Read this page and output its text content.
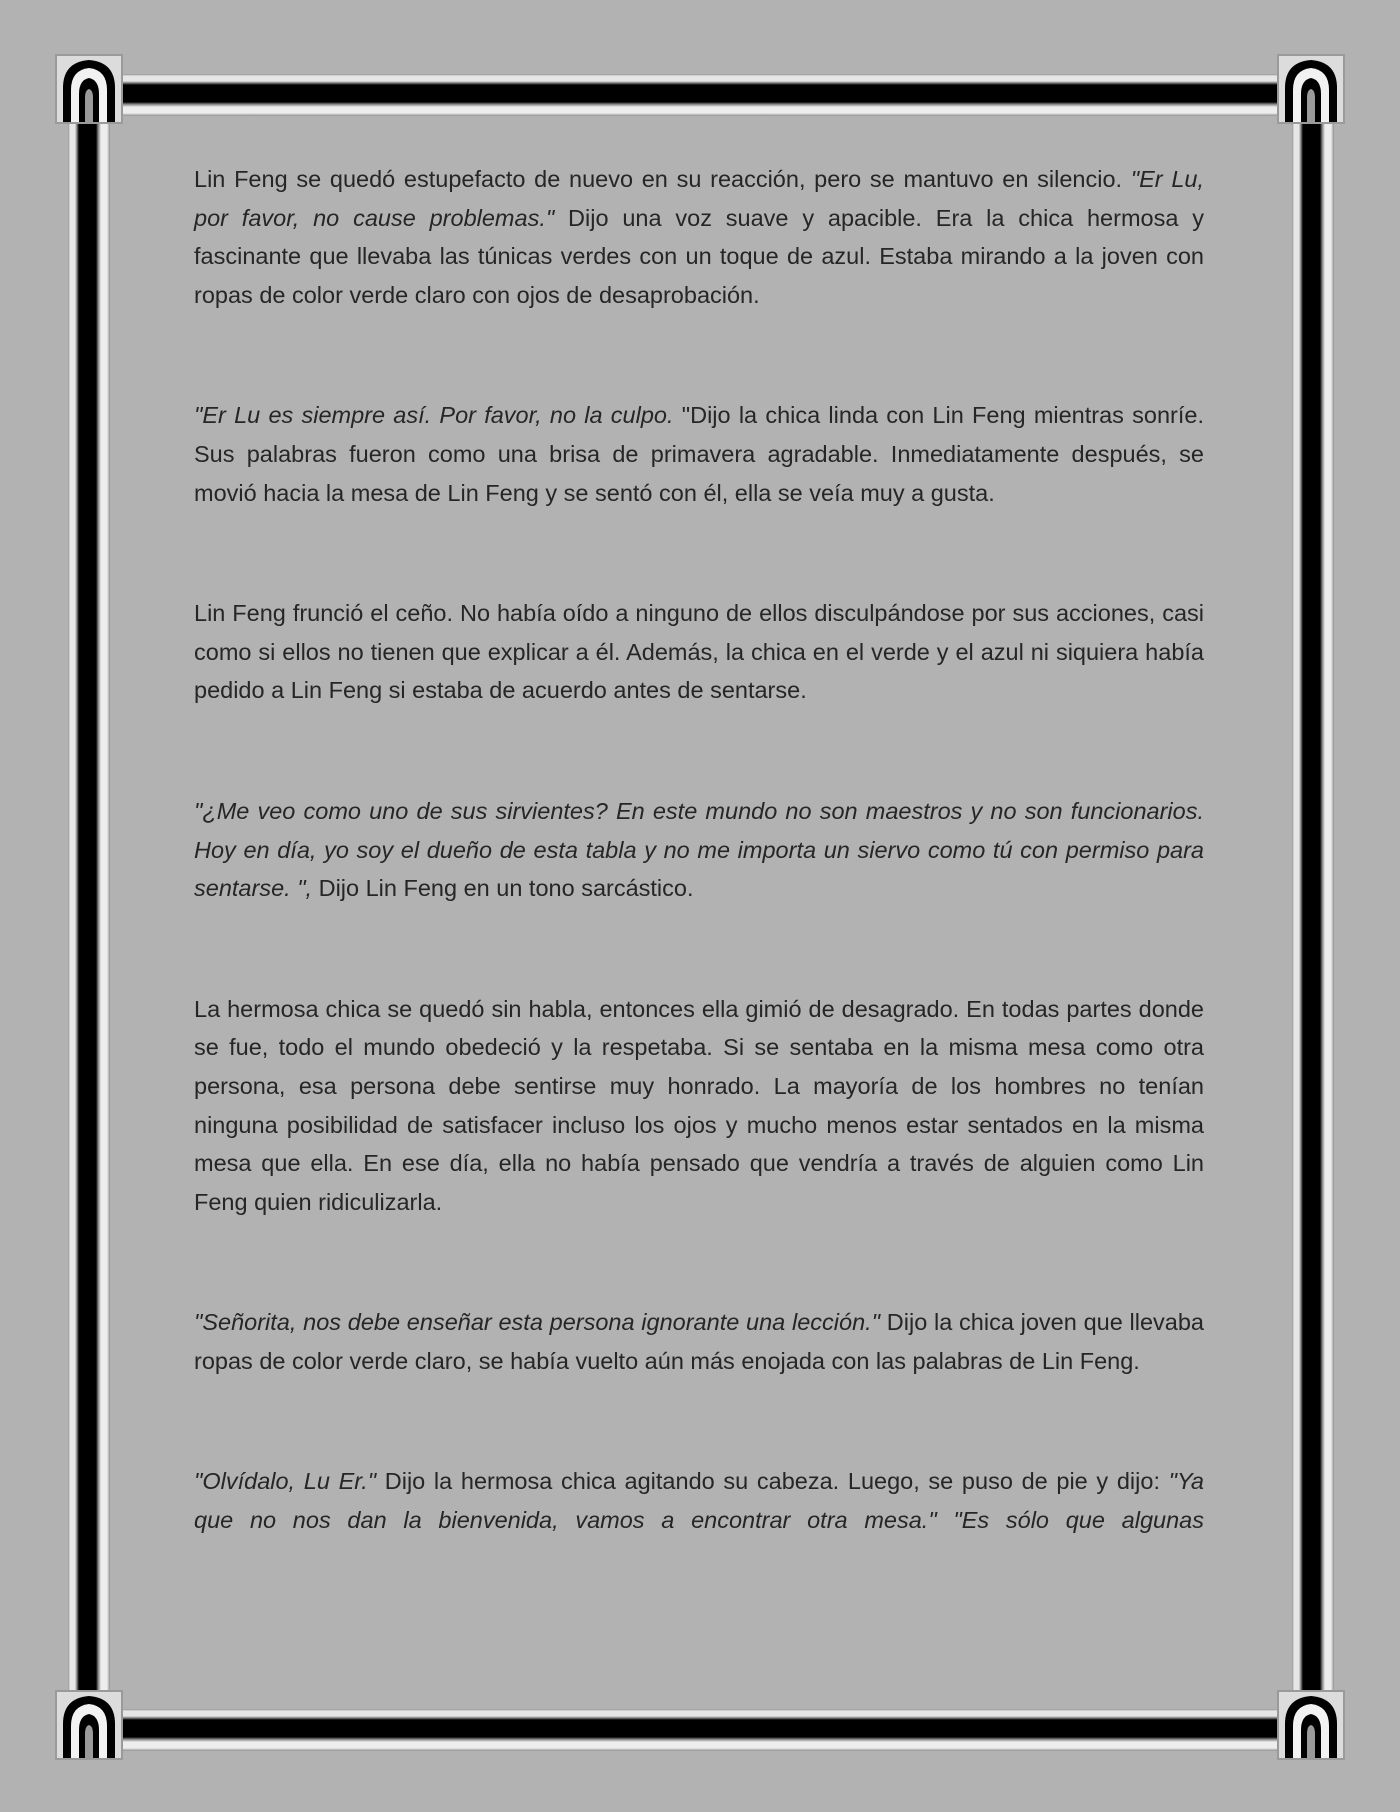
Lin Feng se quedó estupefacto de nuevo en su reacción, pero se mantuvo en silencio. "Er Lu, por favor, no cause problemas." Dijo una voz suave y apacible. Era la chica hermosa y fascinante que llevaba las túnicas verdes con un toque de azul. Estaba mirando a la joven con ropas de color verde claro con ojos de desaprobación.

"Er Lu es siempre así. Por favor, no la culpo. "Dijo la chica linda con Lin Feng mientras sonríe. Sus palabras fueron como una brisa de primavera agradable. Inmediatamente después, se movió hacia la mesa de Lin Feng y se sentó con él, ella se veía muy a gusta.

Lin Feng frunció el ceño. No había oído a ninguno de ellos disculpándose por sus acciones, casi como si ellos no tienen que explicar a él. Además, la chica en el verde y el azul ni siquiera había pedido a Lin Feng si estaba de acuerdo antes de sentarse.

"¿Me veo como uno de sus sirvientes? En este mundo no son maestros y no son funcionarios. Hoy en día, yo soy el dueño de esta tabla y no me importa un siervo como tú con permiso para sentarse. ", Dijo Lin Feng en un tono sarcástico.

La hermosa chica se quedó sin habla, entonces ella gimió de desagrado. En todas partes donde se fue, todo el mundo obedeció y la respetaba. Si se sentaba en la misma mesa como otra persona, esa persona debe sentirse muy honrado. La mayoría de los hombres no tenían ninguna posibilidad de satisfacer incluso los ojos y mucho menos estar sentados en la misma mesa que ella. En ese día, ella no había pensado que vendría a través de alguien como Lin Feng quien ridiculizarla.

"Señorita, nos debe enseñar esta persona ignorante una lección." Dijo la chica joven que llevaba ropas de color verde claro, se había vuelto aún más enojada con las palabras de Lin Feng.

"Olvídalo, Lu Er." Dijo la hermosa chica agitando su cabeza. Luego, se puso de pie y dijo: "Ya que no nos dan la bienvenida, vamos a encontrar otra mesa." "Es sólo que algunas
